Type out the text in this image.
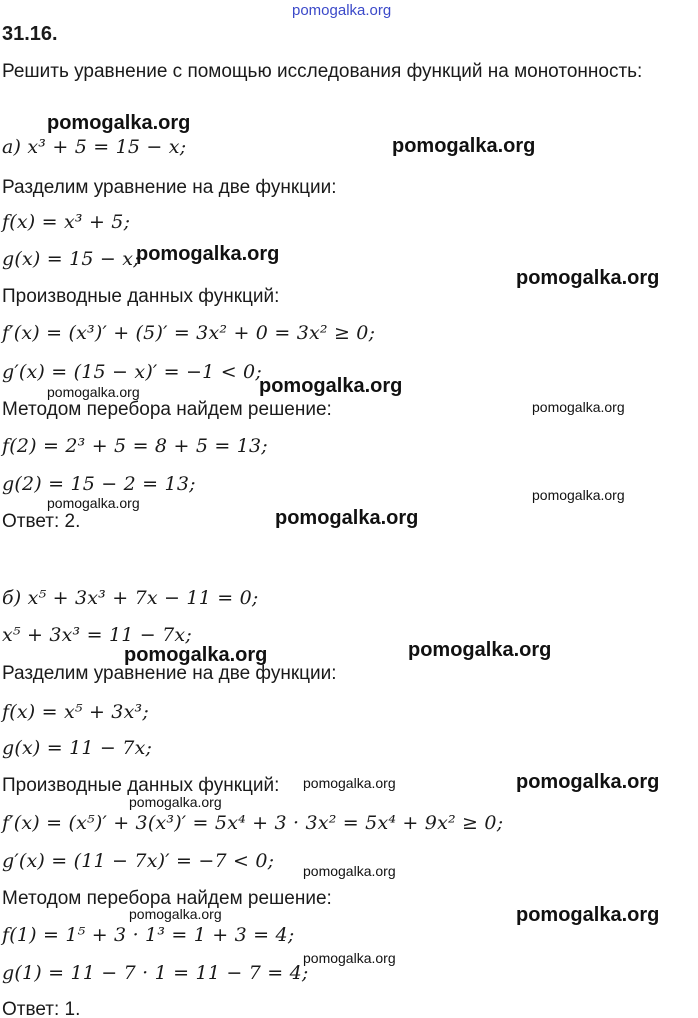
pomogalka.org
31.16.
Решить уравнение с помощью исследования функций на монотонность:
а) x³ + 5 = 15 − x;
Разделим уравнение на две функции:
f(x) = x³ + 5;
g(x) = 15 − x;
Производные данных функций:
f′(x) = (x³)′ + (5)′ = 3x² + 0 = 3x² ≥ 0;
g′(x) = (15 − x)′ = −1 < 0;
Методом перебора найдем решение:
f(2) = 2³ + 5 = 8 + 5 = 13;
g(2) = 15 − 2 = 13;
Ответ: 2.
б) x⁵ + 3x³ + 7x − 11 = 0;
x⁵ + 3x³ = 11 − 7x;
Разделим уравнение на две функции:
f(x) = x⁵ + 3x³;
g(x) = 11 − 7x;
Производные данных функций:
f′(x) = (x⁵)′ + 3(x³)′ = 5x⁴ + 3 · 3x² = 5x⁴ + 9x² ≥ 0;
g′(x) = (11 − 7x)′ = −7 < 0;
Методом перебора найдем решение:
f(1) = 1⁵ + 3 · 1³ = 1 + 3 = 4;
g(1) = 11 − 7 · 1 = 11 − 7 = 4;
Ответ: 1.
pomogalka.org
pomogalka.org
pomogalka.org
pomogalka.org
pomogalka.org
pomogalka.org
pomogalka.org
pomogalka.org	pomogalka.org
pomogalka.org
pomogalka.org	pomogalka.org
pomogalka.org	pomogalka.org
pomogalka.org
pomogalka.org
pomogalka.org	pomogalka.org
pomogalka.org
